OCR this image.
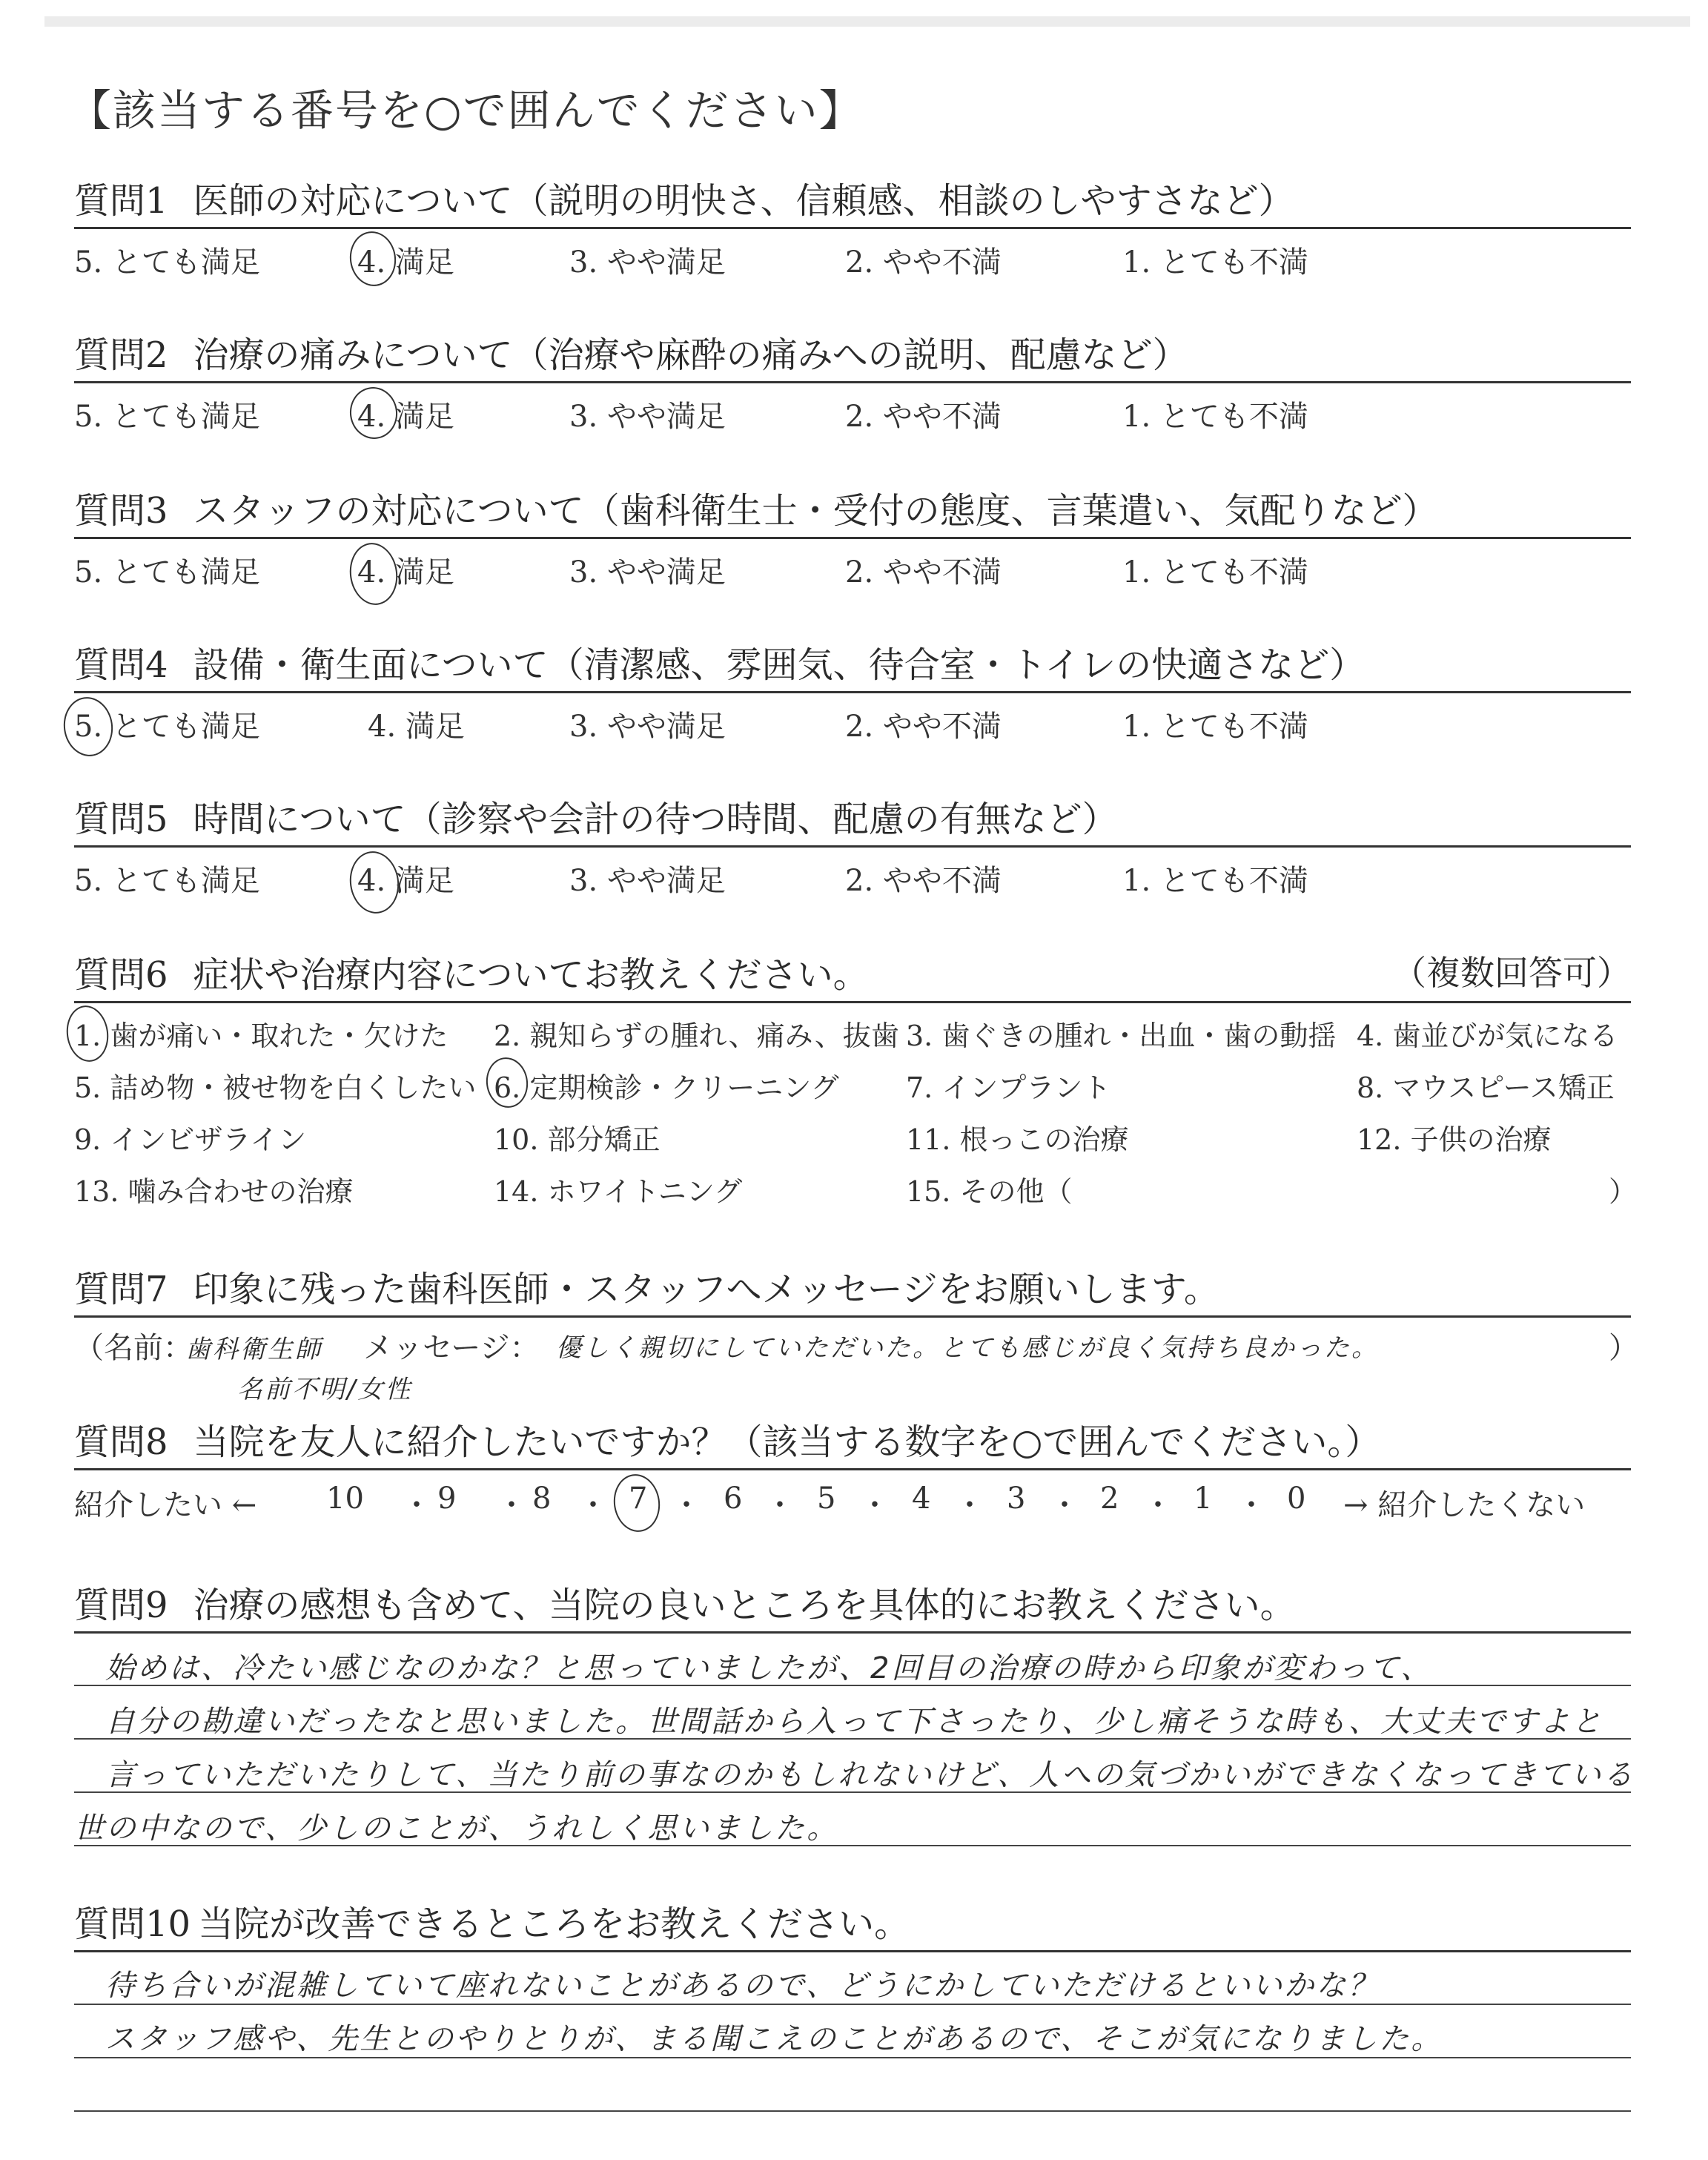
【該当する番号を○で囲んでください】
質問1 医師の対応について（説明の明快さ、信頼感、相談のしやすさなど）
5. とても満足	4. 満足	3. やや満足	2. やや不満	1. とても不満
質問2 治療の痛みについて（治療や麻酔の痛みへの説明、配慮など）
5. とても満足	4. 満足	3. やや満足	2. やや不満	1. とても不満
質問3 スタッフの対応について（歯科衛生士・受付の態度、言葉遣い、気配りなど）
5. とても満足	4. 満足	3. やや満足	2. やや不満	1. とても不満
質問4 設備・衛生面について（清潔感、雰囲気、待合室・トイレの快適さなど）
5. とても満足	4. 満足	3. やや満足	2. やや不満	1. とても不満
質問5 時間について（診察や会計の待つ時間、配慮の有無など）
5. とても満足	4. 満足	3. やや満足	2. やや不満	1. とても不満
質問6 症状や治療内容についてお教えください。	（複数回答可）
1. 歯が痛い・取れた・欠けた 2. 親知らずの腫れ、痛み、抜歯 3. 歯ぐきの腫れ・出血・歯の動揺 4. 歯並びが気になる
5. 詰め物・被せ物を白くしたい 6. 定期検診・クリーニング 7. インプラント	8. マウスピース矯正
9. インビザライン	10. 部分矯正	11. 根っこの治療	12. 子供の治療
13. 噛み合わせの治療	14. ホワイトニング	15. その他（	）
質問7 印象に残った歯科医師・スタッフへメッセージをお願いします。
（名前：
歯科衛生師 メッセージ： 優しく親切にしていただいた。とても感じが良く気持ち良かった。	）
名前不明/女性
質問8 当院を友人に紹介したいですか？（該当する数字を○で囲んでください。）
紹介したい ← 10 ・ 9 ・ 8 ・ 7 ・ 6 ・ 5 ・ 4 ・ 3 ・ 2 ・ 1 ・ 0 → 紹介したくない
質問9 治療の感想も含めて、当院の良いところを具体的にお教えください。
始めは、冷たい感じなのかな？と思っていましたが、2回目の治療の時から印象が変わって、
自分の勘違いだったなと思いました。世間話から入って下さったり、少し痛そうな時も、大丈夫ですよと
言っていただいたりして、当たり前の事なのかもしれないけど、人への気づかいができなくなってきている
世の中なので、少しのことが、うれしく思いました。
質問10 当院が改善できるところをお教えください。
待ち合いが混雑していて座れないことがあるので、どうにかしていただけるといいかな？
スタッフ感や、先生とのやりとりが、まる聞こえのことがあるので、そこが気になりました。
